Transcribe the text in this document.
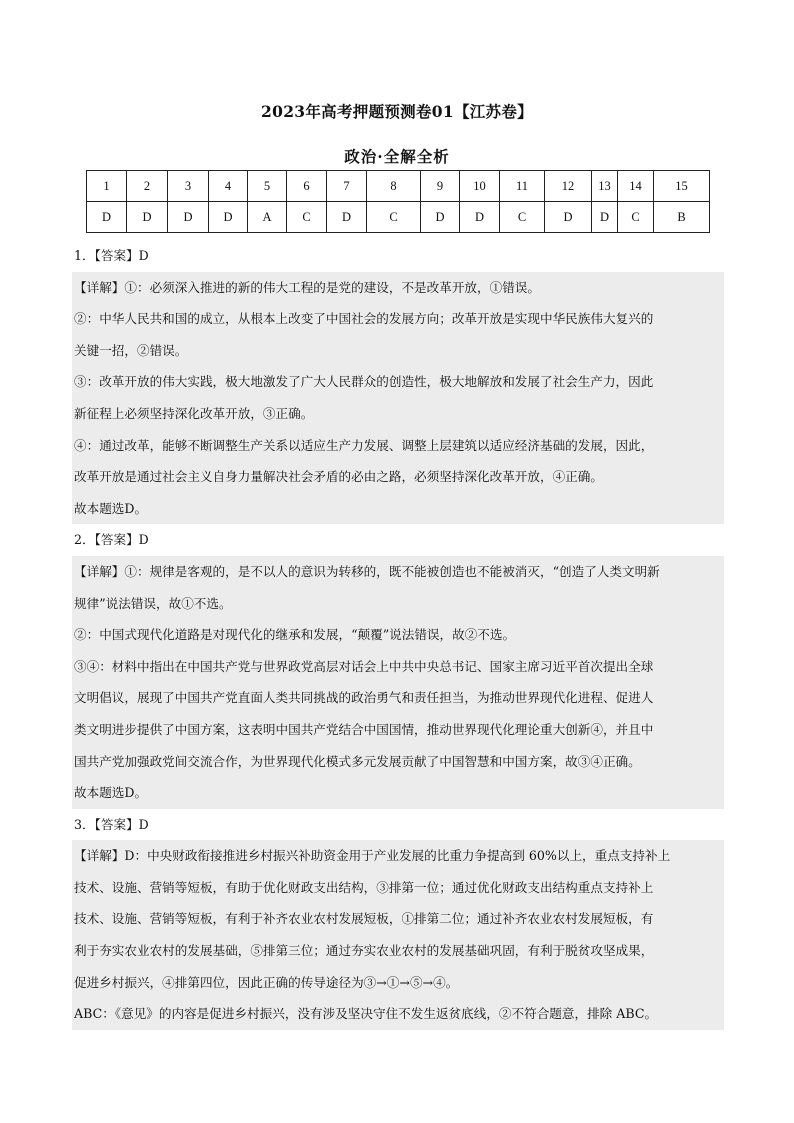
2023年高考押题预测卷01【江苏卷】
政治·全解全析
1	2	3	4	5	6	7	8	9	10	11	12	13	14	15
D	D	D	D	A	C	D	C	D	D	C	D	D	C	B
1．【答案】D
【详解】①：必须深入推进的新的伟大工程的是党的建设，不是改革开放，①错误。
②：中华人民共和国的成立，从根本上改变了中国社会的发展方向；改革开放是实现中华民族伟大复兴的
关键一招，②错误。
③：改革开放的伟大实践，极大地激发了广大人民群众的创造性，极大地解放和发展了社会生产力，因此
新征程上必须坚持深化改革开放，③正确。
④：通过改革，能够不断调整生产关系以适应生产力发展、调整上层建筑以适应经济基础的发展，因此，
改革开放是通过社会主义自身力量解决社会矛盾的必由之路，必须坚持深化改革开放，④正确。
故本题选D。
2．【答案】D
【详解】①：规律是客观的，是不以人的意识为转移的，既不能被创造也不能被消灭，“创造了人类文明新
规律”说法错误，故①不选。
②：中国式现代化道路是对现代化的继承和发展，“颠覆”说法错误，故②不选。
③④：材料中指出在中国共产党与世界政党高层对话会上中共中央总书记、国家主席习近平首次提出全球
文明倡议，展现了中国共产党直面人类共同挑战的政治勇气和责任担当，为推动世界现代化进程、促进人
类文明进步提供了中国方案，这表明中国共产党结合中国国情，推动世界现代化理论重大创新④，并且中
国共产党加强政党间交流合作，为世界现代化模式多元发展贡献了中国智慧和中国方案，故③④正确。
故本题选D。
3．【答案】D
【详解】D：中央财政衔接推进乡村振兴补助资金用于产业发展的比重力争提高到 60%以上，重点支持补上
技术、设施、营销等短板，有助于优化财政支出结构，③排第一位；通过优化财政支出结构重点支持补上
技术、设施、营销等短板，有利于补齐农业农村发展短板，①排第二位；通过补齐农业农村发展短板，有
利于夯实农业农村的发展基础，⑤排第三位；通过夯实农业农村的发展基础巩固，有利于脱贫攻坚成果，
促进乡村振兴，④排第四位，因此正确的传导途径为③→①→⑤→④。
ABC：《意见》的内容是促进乡村振兴，没有涉及坚决守住不发生返贫底线，②不符合题意，排除 ABC。
